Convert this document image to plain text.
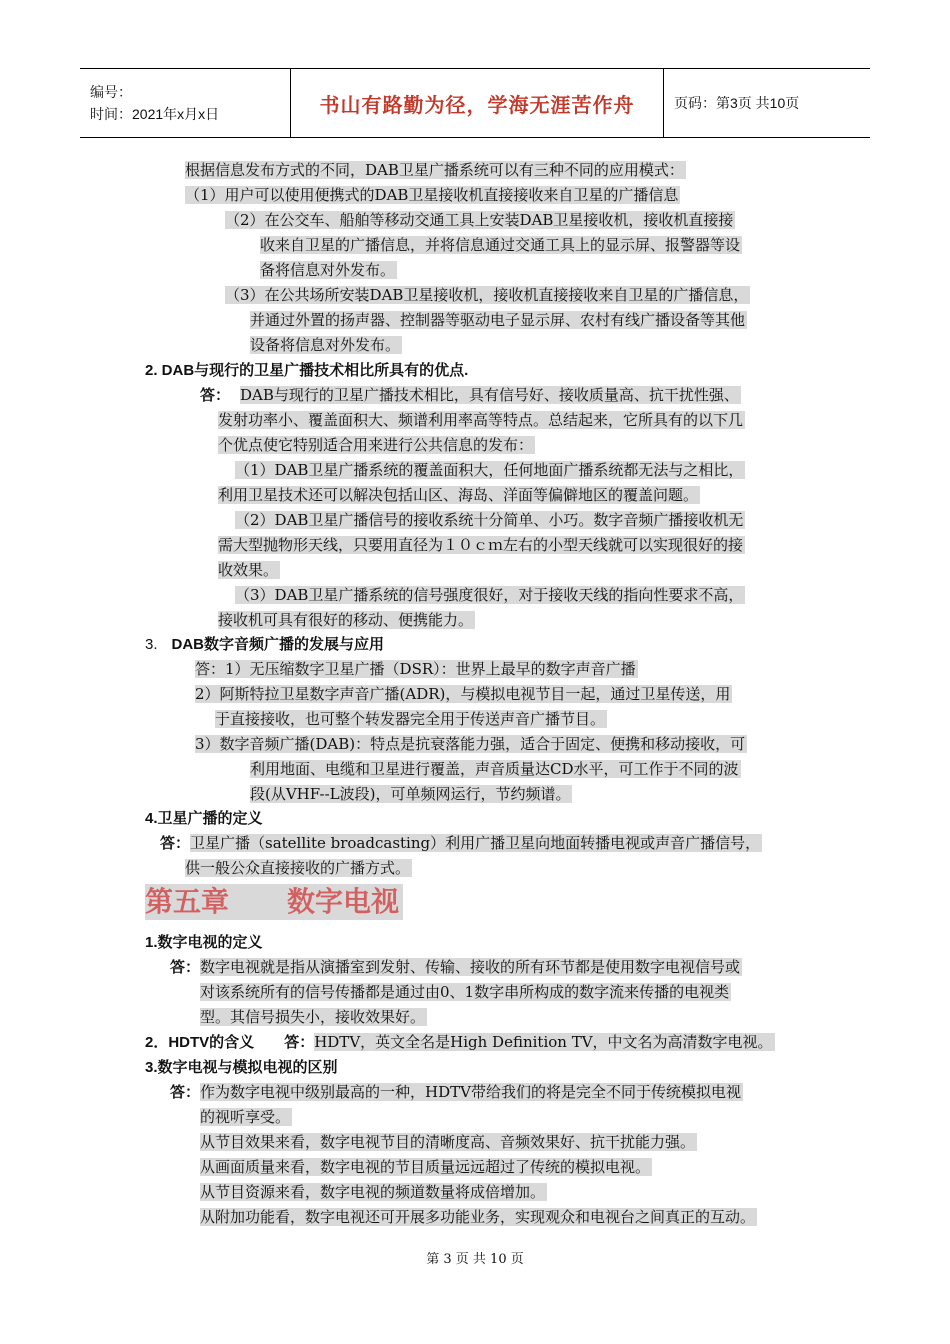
编号：
时间：2021年x月x日	书山有路勤为径，学海无涯苦作舟	页码：第3页 共10页
根据信息发布方式的不同，DAB卫星广播系统可以有三种不同的应用模式：
（1）用户可以使用便携式的DAB卫星接收机直接接收来自卫星的广播信息
（2）在公交车、船舶等移动交通工具上安装DAB卫星接收机，接收机直接接
收来自卫星的广播信息，并将信息通过交通工具上的显示屏、报警器等设
备将信息对外发布。
（3）在公共场所安装DAB卫星接收机，接收机直接接收来自卫星的广播信息，
并通过外置的扬声器、控制器等驱动电子显示屏、农村有线广播设备等其他
设备将信息对外发布。
2. DAB与现行的卫星广播技术相比所具有的优点.
答： DAB与现行的卫星广播技术相比，具有信号好、接收质量高、抗干扰性强、
发射功率小、覆盖面积大、频谱利用率高等特点。总结起来，它所具有的以下几
个优点使它特别适合用来进行公共信息的发布：
（1）DAB卫星广播系统的覆盖面积大，任何地面广播系统都无法与之相比，
利用卫星技术还可以解决包括山区、海岛、洋面等偏僻地区的覆盖问题。
（2）DAB卫星广播信号的接收系统十分简单、小巧。数字音频广播接收机无
需大型抛物形天线，只要用直径为１０ｃｍ左右的小型天线就可以实现很好的接
收效果。
（3）DAB卫星广播系统的信号强度很好，对于接收天线的指向性要求不高，
接收机可具有很好的移动、便携能力。
3. DAB数字音频广播的发展与应用
答：1）无压缩数字卫星广播（DSR）：世界上最早的数字声音广播
2）阿斯特拉卫星数字声音广播(ADR)，与模拟电视节目一起，通过卫星传送，用
于直接接收，也可整个转发器完全用于传送声音广播节目。
3）数字音频广播(DAB)：特点是抗衰落能力强，适合于固定、便携和移动接收，可
利用地面、电缆和卫星进行覆盖，声音质量达CD水平，可工作于不同的波
段(从VHF--L波段)，可单频网运行，节约频谱。
4.卫星广播的定义
答：卫星广播（satellite broadcasting）利用广播卫星向地面转播电视或声音广播信号，
供一般公众直接接收的广播方式。
第五章 数字电视
1.数字电视的定义
答：数字电视就是指从演播室到发射、传输、接收的所有环节都是使用数字电视信号或
对该系统所有的信号传播都是通过由0、1数字串所构成的数字流来传播的电视类
型。其信号损失小，接收效果好。
2．HDTV的含义 答：HDTV，英文全名是High Definition TV，中文名为高清数字电视。
3.数字电视与模拟电视的区别
答：作为数字电视中级别最高的一种，HDTV带给我们的将是完全不同于传统模拟电视
的视听享受。
从节目效果来看，数字电视节目的清晰度高、音频效果好、抗干扰能力强。
从画面质量来看，数字电视的节目质量远远超过了传统的模拟电视。
从节目资源来看，数字电视的频道数量将成倍增加。
从附加功能看，数字电视还可开展多功能业务，实现观众和电视台之间真正的互动。
第 3 页 共 10 页
